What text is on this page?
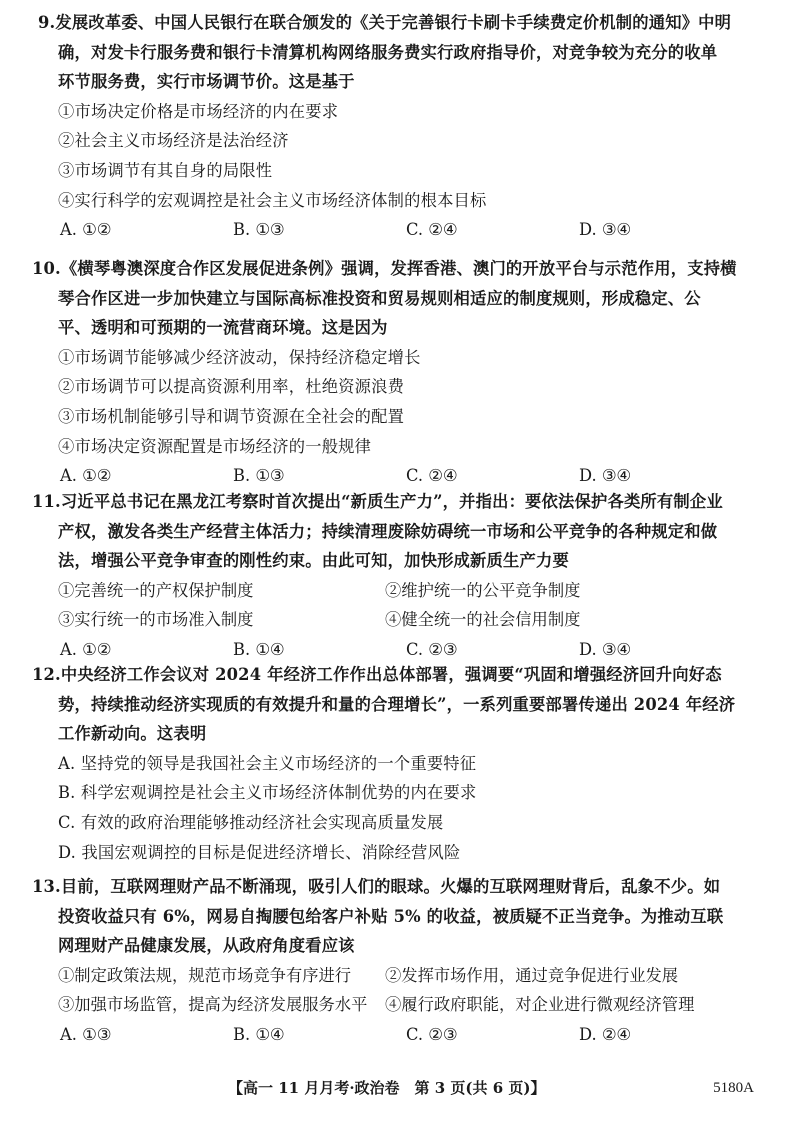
9.发展改革委、中国人民银行在联合颁发的《关于完善银行卡刷卡手续费定价机制的通知》中明
确，对发卡行服务费和银行卡清算机构网络服务费实行政府指导价，对竞争较为充分的收单
环节服务费，实行市场调节价。这是基于
①市场决定价格是市场经济的内在要求
②社会主义市场经济是法治经济
③市场调节有其自身的局限性
④实行科学的宏观调控是社会主义市场经济体制的根本目标
A. ①②	B. ①③	C. ②④	D. ③④
10.《横琴粤澳深度合作区发展促进条例》强调，发挥香港、澳门的开放平台与示范作用，支持横
琴合作区进一步加快建立与国际高标准投资和贸易规则相适应的制度规则，形成稳定、公
平、透明和可预期的一流营商环境。这是因为
①市场调节能够减少经济波动，保持经济稳定增长
②市场调节可以提高资源利用率，杜绝资源浪费
③市场机制能够引导和调节资源在全社会的配置
④市场决定资源配置是市场经济的一般规律
A. ①②	B. ①③	C. ②④	D. ③④
11.习近平总书记在黑龙江考察时首次提出“新质生产力”，并指出：要依法保护各类所有制企业
产权，激发各类生产经营主体活力；持续清理废除妨碍统一市场和公平竞争的各种规定和做
法，增强公平竞争审查的刚性约束。由此可知，加快形成新质生产力要
①完善统一的产权保护制度	②维护统一的公平竞争制度
③实行统一的市场准入制度	④健全统一的社会信用制度
A. ①②	B. ①④	C. ②③	D. ③④
12.中央经济工作会议对 2024 年经济工作作出总体部署，强调要“巩固和增强经济回升向好态
势，持续推动经济实现质的有效提升和量的合理增长”，一系列重要部署传递出 2024 年经济
工作新动向。这表明
A. 坚持党的领导是我国社会主义市场经济的一个重要特征
B. 科学宏观调控是社会主义市场经济体制优势的内在要求
C. 有效的政府治理能够推动经济社会实现高质量发展
D. 我国宏观调控的目标是促进经济增长、消除经营风险
13.目前，互联网理财产品不断涌现，吸引人们的眼球。火爆的互联网理财背后，乱象不少。如
投资收益只有 6%，网易自掏腰包给客户补贴 5% 的收益，被质疑不正当竞争。为推动互联
网理财产品健康发展，从政府角度看应该
①制定政策法规，规范市场竞争有序进行	②发挥市场作用，通过竞争促进行业发展
③加强市场监管，提高为经济发展服务水平	④履行政府职能，对企业进行微观经济管理
A. ①③	B. ①④	C. ②③	D. ②④
【高一 11 月月考·政治卷　第 3 页(共 6 页)】	5180A
